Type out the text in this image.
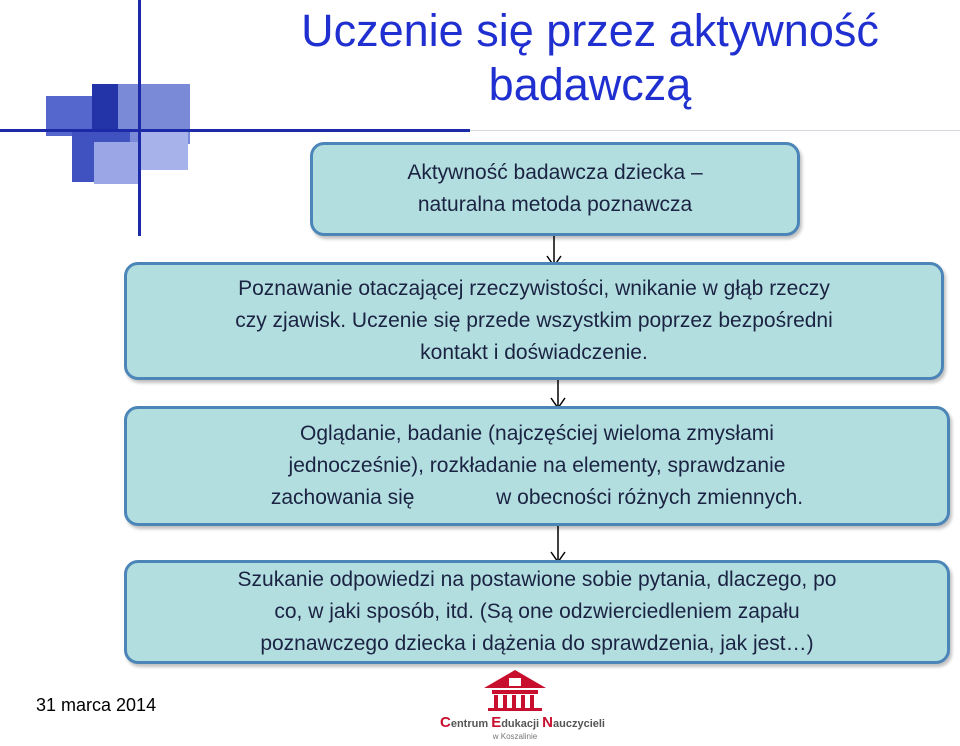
Uczenie się przez aktywność
badawczą
Aktywność badawcza dziecka –
naturalna metoda poznawcza
Poznawanie otaczającej rzeczywistości, wnikanie w głąb rzeczy
czy zjawisk. Uczenie się przede wszystkim poprzez bezpośredni
kontakt i doświadczenie.
Oglądanie, badanie (najczęściej wieloma zmysłami
jednocześnie), rozkładanie na elementy, sprawdzanie
zachowania się              w obecności różnych zmiennych.
Szukanie odpowiedzi na postawione sobie pytania, dlaczego, po
co, w jaki sposób, itd. (Są one odzwierciedleniem zapału
poznawczego dziecka i dążenia do sprawdzenia, jak jest…)
31 marca 2014
Centrum Edukacji Nauczycieli
w Koszalinie
